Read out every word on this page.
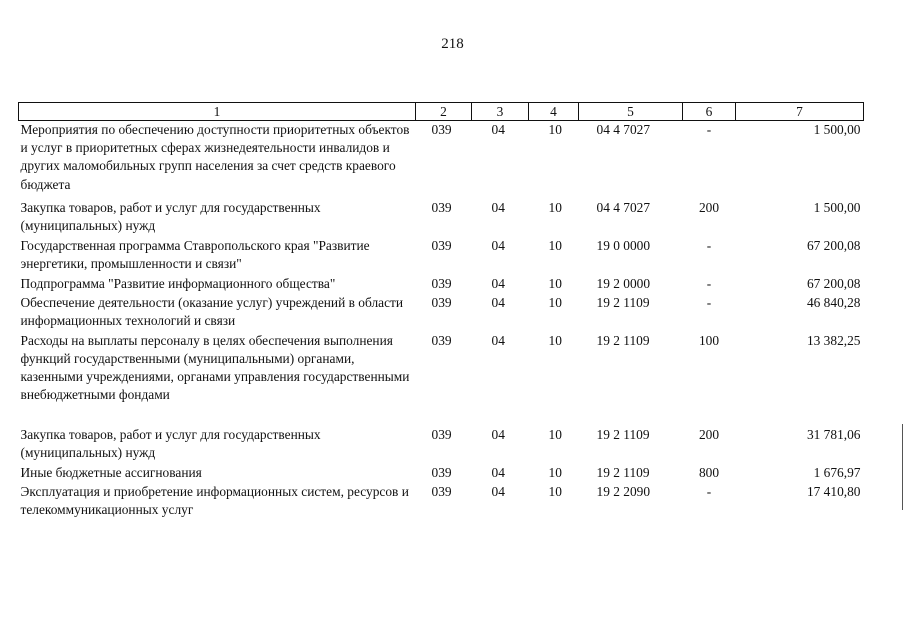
218
1	2	3	4	5	6	7
Мероприятия по обеспечению доступности приоритетных объектов и услуг в приоритетных сферах жизнедеятельности инвалидов и других маломобильных групп населения за счет средств краевого бюджета	039	04	10	04 4 7027	-	1 500,00
Закупка товаров, работ и услуг для государственных (муниципальных) нужд	039	04	10	04 4 7027	200	1 500,00
Государственная программа Ставропольского края "Развитие энергетики, промышленности и связи"	039	04	10	19 0 0000	-	67 200,08
Подпрограмма "Развитие информационного общества"	039	04	10	19 2 0000	-	67 200,08
Обеспечение деятельности (оказание услуг) учреждений в области информационных технологий и связи	039	04	10	19 2 1109	-	46 840,28
Расходы на выплаты персоналу в целях обеспечения выполнения функций государственными (муниципальными) органами, казенными учреждениями, органами управления государственными внебюджетными фондами	039	04	10	19 2 1109	100	13 382,25

Закупка товаров, работ и услуг для государственных (муниципальных) нужд	039	04	10	19 2 1109	200	31 781,06
Иные бюджетные ассигнования	039	04	10	19 2 1109	800	1 676,97
Эксплуатация и приобретение информационных систем, ресурсов и телекоммуникационных услуг	039	04	10	19 2 2090	-	17 410,80
